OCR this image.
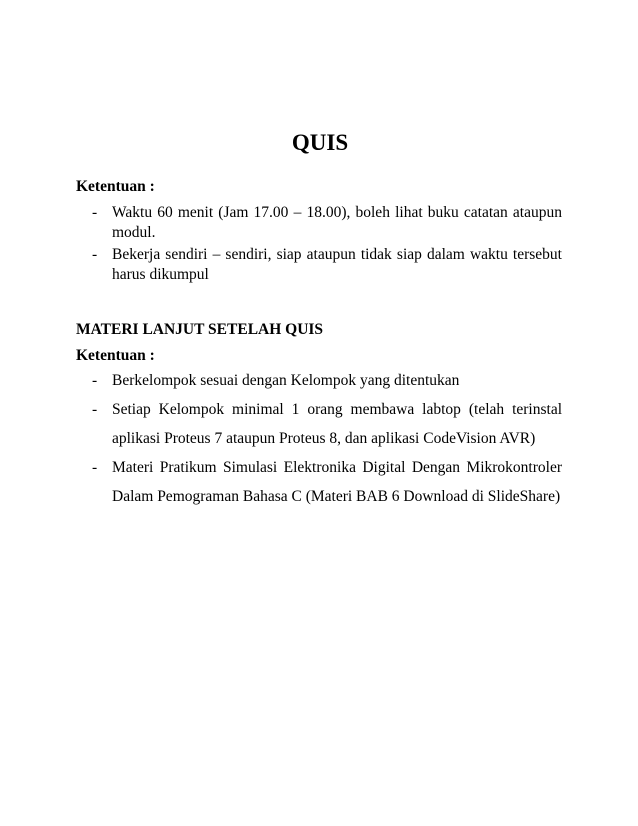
QUIS
Ketentuan :
- Waktu 60 menit (Jam 17.00 – 18.00), boleh lihat buku catatan ataupun modul.
- Bekerja sendiri – sendiri, siap ataupun tidak siap dalam waktu tersebut harus dikumpul
MATERI LANJUT SETELAH QUIS
Ketentuan :
- Berkelompok sesuai dengan Kelompok yang ditentukan
- Setiap Kelompok minimal 1 orang membawa labtop (telah terinstal aplikasi Proteus 7 ataupun Proteus 8, dan aplikasi CodeVision AVR)
- Materi Pratikum Simulasi Elektronika Digital Dengan Mikrokontroler Dalam Pemograman Bahasa C (Materi BAB 6 Download di SlideShare)
